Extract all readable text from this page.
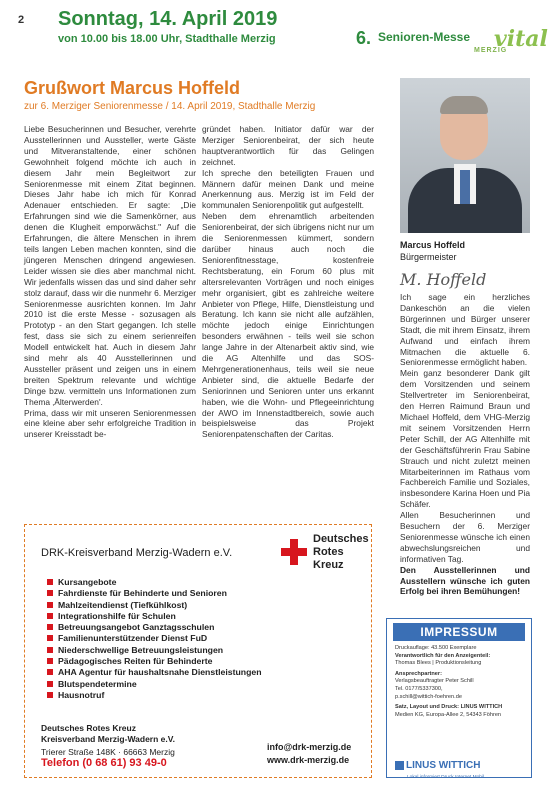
2 Sonntag, 14. April 2019
von 10.00 bis 18.00 Uhr, Stadthalle Merzig	6. Senioren-Messe
MERZIG
vital
Grußwort Marcus Hoffeld
zur 6. Merziger Seniorenmesse / 14. April 2019, Stadthalle Merzig

Liebe Besucherinnen und Besucher, verehrte Ausstellerinnen und Aussteller, werte Gäste und Mitveranstaltende, einer schönen Gewohnheit folgend möchte ich auch in diesem Jahr mein Begleitwort zur Seniorenmesse mit einem Zitat beginnen. Dieses Jahr habe ich mich für Konrad Adenauer entschieden. Er sagte: „Die Erfahrungen sind wie die Samenkörner, aus denen die Klugheit emporwächst." Auf die Erfahrungen, die ältere Menschen in ihrem teils langen Leben machen konnten, sind die jüngeren Menschen dringend angewiesen. Leider wissen sie dies aber manchmal nicht. Wir jedenfalls wissen das und sind daher sehr stolz darauf, dass wir die nunmehr 6. Merziger Seniorenmesse ausrichten konnen. Im Jahr 2010 ist die erste Messe - sozusagen als Prototyp - an den Start gegangen. Ich stelle fest, dass sie sich zu einem serienreifen Modell entwickelt hat. Auch in diesem Jahr sind mehr als 40 Ausstellerinnen und Aussteller präsent und zeigen uns in einem breiten Spektrum relevante und wichtige Dinge bzw. vermitteln uns Informationen zum Thema ‚Älterwerden'.

Prima, dass wir mit unseren Seniorenmessen eine kleine aber sehr erfolgreiche Tradition in unserer Kreisstadt be-

gründet haben. Initiator dafür war der Merziger Seniorenbeirat, der sich heute hauptverantwortlich für das Gelingen zeichnet.

Ich spreche den beteiligten Frauen und Männern dafür meinen Dank und meine Anerkennung aus. Merzig ist im Feld der kommunalen Seniorenpolitik gut aufgestellt.

Neben dem ehrenamtlich arbeitenden Seniorenbeirat, der sich übrigens nicht nur um die Seniorenmessen kümmert, sondern darüber hinaus auch noch die Seniorenfitnesstage, kostenfreie Rechtsberatung, ein Forum 60 plus mit altersrelevanten Vorträgen und noch einiges mehr organisiert, gibt es zahlreiche weitere Anbieter von Pflege, Hilfe, Dienstleistung und Beratung. Ich kann sie nicht alle aufzählen, möchte jedoch einige Einrichtungen besonders erwähnen - teils weil sie schon lange Jahre in der Altenarbeit aktiv sind, wie die AG Altenhilfe und das SOS-Mehrgenerationenhaus, teils weil sie neue Anbieter sind, die aktuelle Bedarfe der Seniorinnen und Senioren unter uns erkannt haben, wie die Wohn- und Pflegeeinrichtung der AWO im Innenstadtbereich, sowie auch beispielsweise das Projekt Seniorenpatenschaften der Caritas.

Marcus Hoffeld
Bürgermeister
M. Hoffeld

Ich sage ein herzliches Dankeschön an die vielen Bürgerinnen und Bürger unserer Stadt, die mit ihrem Einsatz, ihrem Aufwand und einfach ihrem Mitmachen die aktuelle 6. Seniorenmesse ermöglicht haben.

Mein ganz besonderer Dank gilt dem Vorsitzenden und seinem Stellvertreter im Seniorenbeirat, den Herren Raimund Braun und Michael Hoffeld, dem VHG-Merzig mit seinem Vorsitzenden Herrn Peter Schill, der AG Altenhilfe mit der Geschäftsführerin Frau Sabine Strauch und nicht zuletzt meinen Mitarbeiterinnen im Rathaus vom Fachbereich Familie und Soziales, insbesondere Karina Hoen und Pia Schäfer.

Allen Besucherinnen und Besuchern der 6. Merziger Seniorenmesse wünsche ich einen abwechslungsreichen und informativen Tag.

Den Ausstellerinnen und Ausstellern wünsche ich guten Erfolg bei ihren Bemühungen!

DRK-Kreisverband Merzig-Wadern e.V.
Deutsches
Rotes
Kreuz
Kursangebote
Fahrdienste für Behinderte und Senioren
Mahlzeitendienst (Tiefkühlkost)
Integrationshilfe für Schulen
Betreuungsangebot Ganztagsschulen
Familienunterstützender Dienst FuD
Niederschwellige Betreuungsleistungen
Pädagogisches Reiten für Behinderte
AHA Agentur für haushaltsnahe Dienstleistungen
Blutspendetermine
Hausnotruf
Deutsches Rotes Kreuz
Kreisverband Merzig-Wadern e.V.
Trierer Straße 148K · 66663 Merzig
Telefon (0 68 61) 93 49-0
info@drk-merzig.de
www.drk-merzig.de
IMPRESSUM
Druckauflage: 43.500 Exemplare
Verantwortlich für den Anzeigenteil:
Thomas Blees | Produktionsleitung
Ansprechpartner:
Verlagsbeauftragter Peter Schill
Tel. 0177/5337300,
p.schill@wittich-foehren.de
Satz, Layout und Druck: LINUS WITTICH
Medien KG, Europa-Allee 2, 54343 Föhren
LINUS WITTICH
Lokal informiert Druck Internet Mobil
